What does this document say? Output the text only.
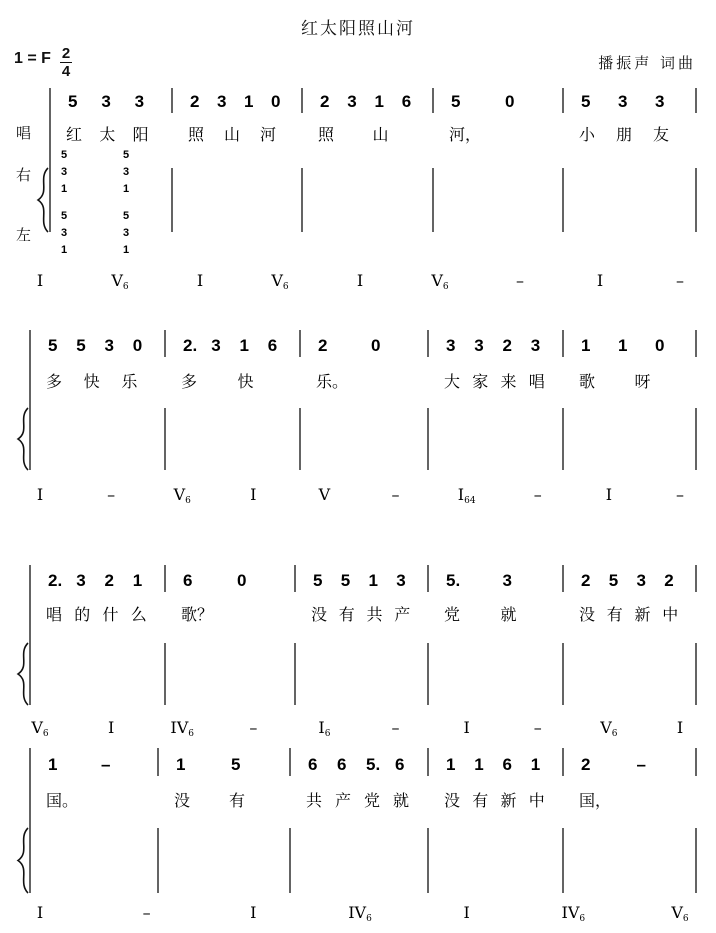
红太阳照山河
1 = F 2
4	播振声 词曲
唱
右
左
5 3 3
红 太 阳
2 3 1 0
照 山 河
2 3 1 6
照 山
5	0
河，
5 3 3
小 朋 友
I	V6	I	V6	I	V6	–	I	–
5 5 3 0
多 快 乐
2. 3 1 6
多	快
2	0
乐。
3 3 2 3
大 家 来 唱
1 1 0
歌 呀
I	–	V6	I	V	–	I64	–	I	–
2. 3 2 1
唱 的 什 么
6	0
歌？
5 5 1 3
没 有 共 产
5. 3
党	就
2 5 3 2
没 有 新 中
V6	I	IV6	–	I6	–	I	–	V6	I
1	–
国。
1	5
没 有
6 6 5. 6
共 产 党 就
1 1 6 1
没 有 新 中
2	–
国，
I	–	I	IV6	I	IV6	V6
5
3
1
5
3
1
5
3
1
5
3
1
